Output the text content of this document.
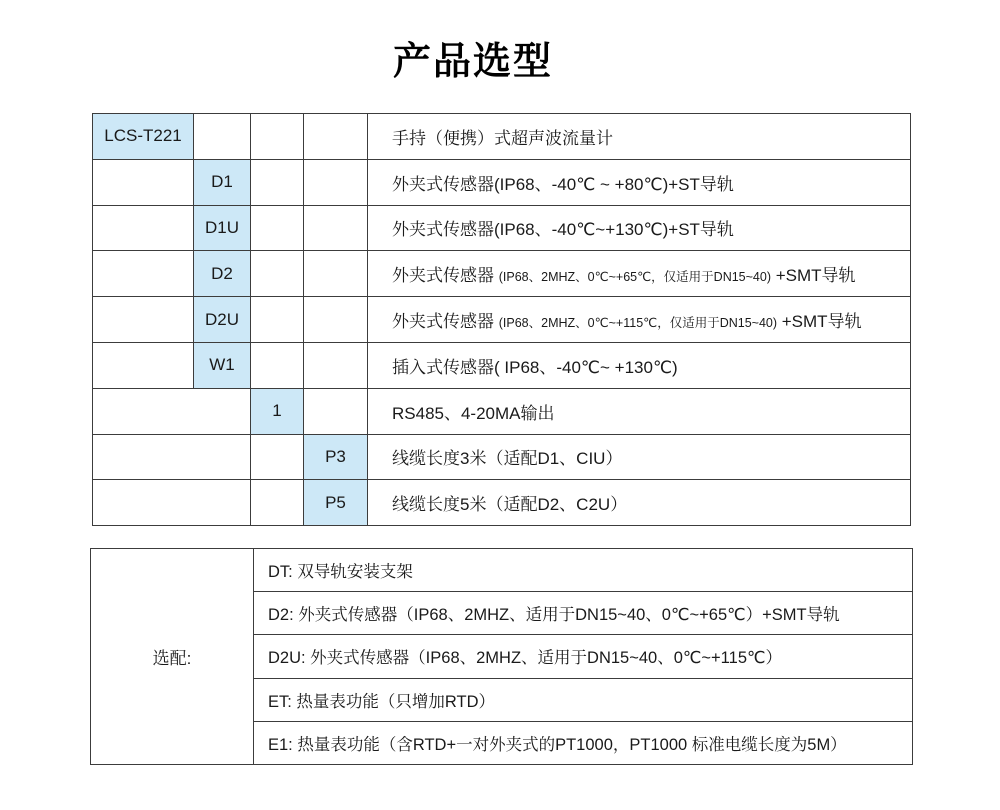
产品选型
LCS-T221				手持（便携）式超声波流量计
	D1			外夹式传感器(IP68、-40℃ ~ +80℃)+ST导轨
	D1U			外夹式传感器(IP68、-40℃~+130℃)+ST导轨
	D2			外夹式传感器 (IP68、2MHZ、0℃~+65℃，仅适用于DN15~40) +SMT导轨
	D2U			外夹式传感器 (IP68、2MHZ、0℃~+115℃，仅适用于DN15~40) +SMT导轨
	W1			插入式传感器( IP68、-40℃~ +130℃)
		1		RS485、4-20MA输出
			P3	线缆长度3米（适配D1、CIU）
			P5	线缆长度5米（适配D2、C2U）
选配:	DT: 双导轨安装支架
D2: 外夹式传感器（IP68、2MHZ、适用于DN15~40、0℃~+65℃）+SMT导轨
D2U: 外夹式传感器（IP68、2MHZ、适用于DN15~40、0℃~+115℃）
ET: 热量表功能（只增加RTD）
E1: 热量表功能（含RTD+一对外夹式的PT1000，PT1000 标准电缆长度为5M）
